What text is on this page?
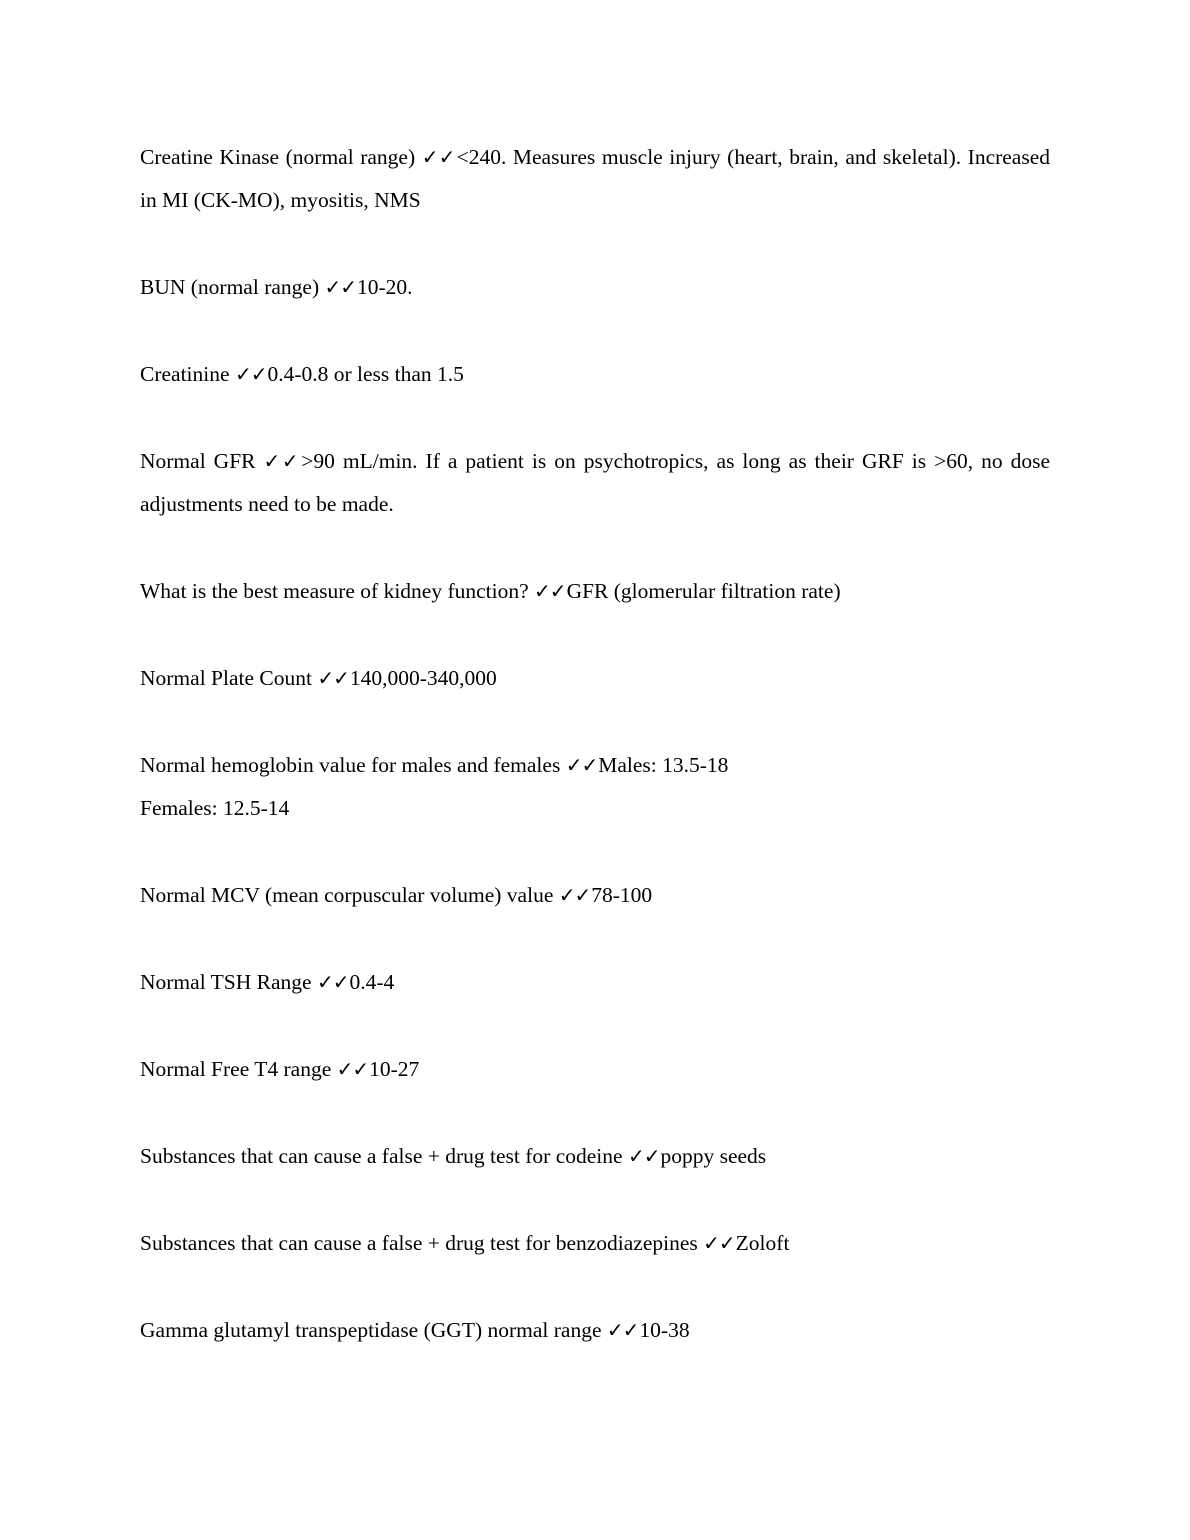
Creatine Kinase (normal range) ✓✓<240. Measures muscle injury (heart, brain, and skeletal). Increased in MI (CK-MO), myositis, NMS

BUN (normal range) ✓✓10-20.

Creatinine ✓✓0.4-0.8 or less than 1.5

Normal GFR ✓✓>90 mL/min. If a patient is on psychotropics, as long as their GRF is >60, no dose adjustments need to be made.

What is the best measure of kidney function? ✓✓GFR (glomerular filtration rate)

Normal Plate Count ✓✓140,000-340,000

Normal hemoglobin value for males and females ✓✓Males: 13.5-18
Females: 12.5-14

Normal MCV (mean corpuscular volume) value ✓✓78-100

Normal TSH Range ✓✓0.4-4

Normal Free T4 range ✓✓10-27

Substances that can cause a false + drug test for codeine ✓✓poppy seeds

Substances that can cause a false + drug test for benzodiazepines ✓✓Zoloft

Gamma glutamyl transpeptidase (GGT) normal range ✓✓10-38
